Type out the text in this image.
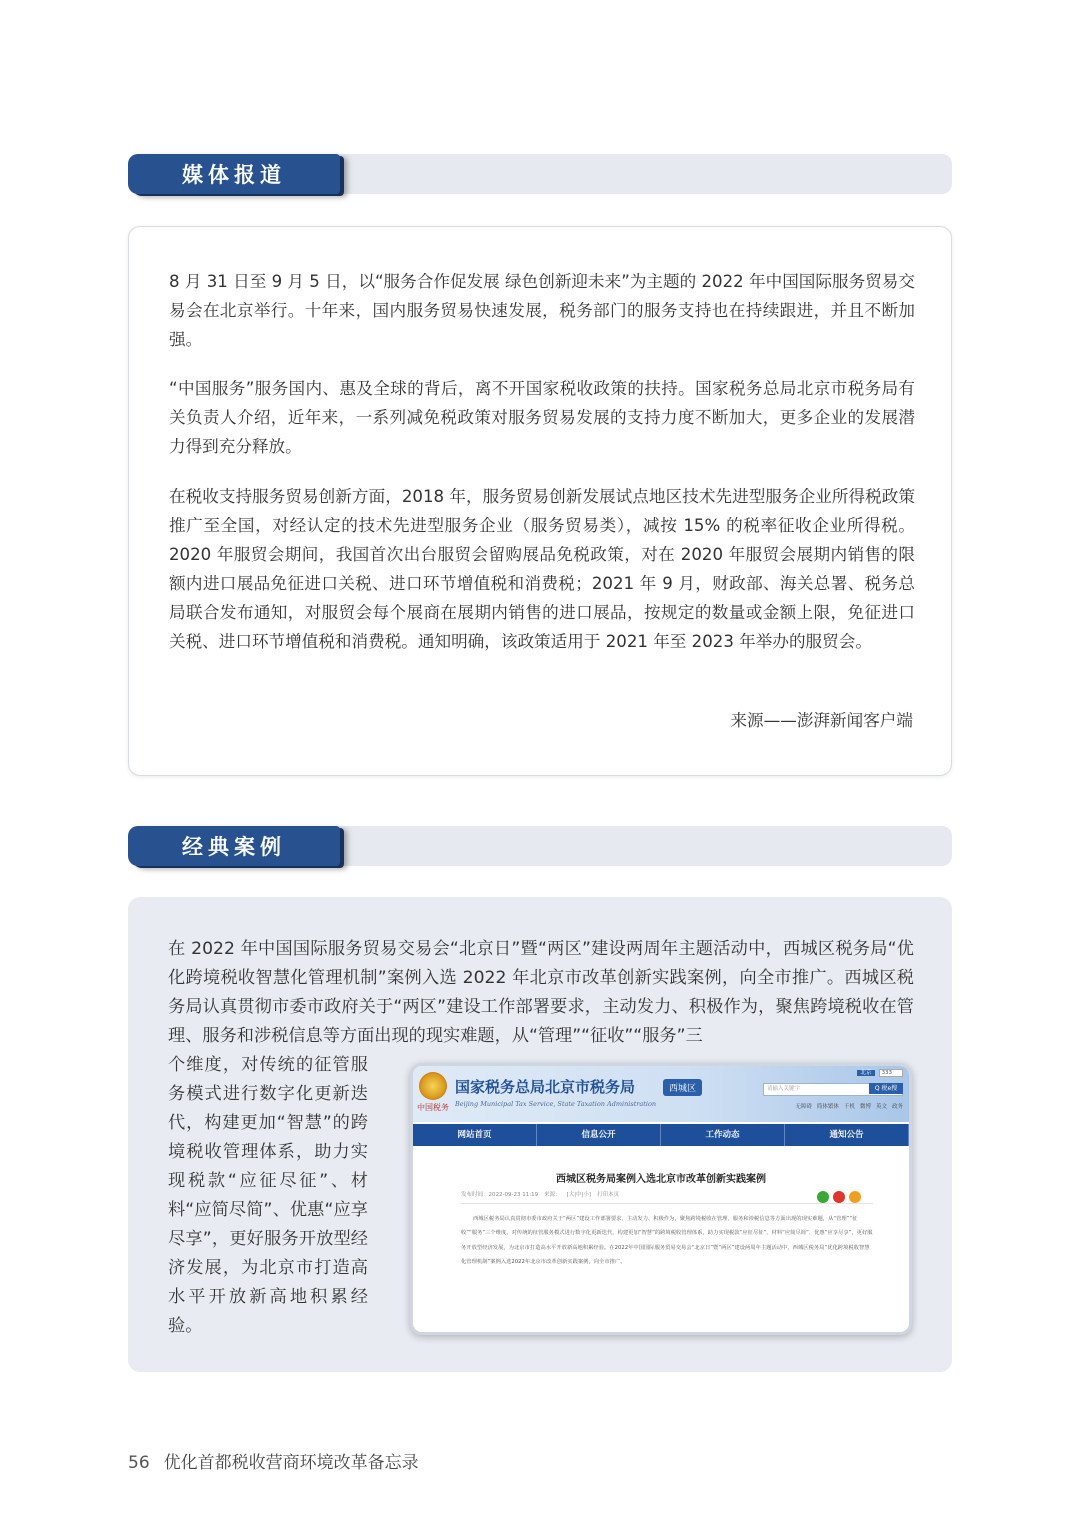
媒体报道

8 月 31 日至 9 月 5 日，以“服务合作促发展 绿色创新迎未来”为主题的 2022 年中国国际服务贸易交易会在北京举行。十年来，国内服务贸易快速发展，税务部门的服务支持也在持续跟进，并且不断加强。

“中国服务”服务国内、惠及全球的背后，离不开国家税收政策的扶持。国家税务总局北京市税务局有关负责人介绍，近年来，一系列减免税政策对服务贸易发展的支持力度不断加大，更多企业的发展潜力得到充分释放。

在税收支持服务贸易创新方面，2018 年，服务贸易创新发展试点地区技术先进型服务企业所得税政策推广至全国，对经认定的技术先进型服务企业（服务贸易类），减按 15% 的税率征收企业所得税。2020 年服贸会期间，我国首次出台服贸会留购展品免税政策，对在 2020 年服贸会展期内销售的限额内进口展品免征进口关税、进口环节增值税和消费税；2021 年 9 月，财政部、海关总署、税务总局联合发布通知，对服贸会每个展商在展期内销售的进口展品，按规定的数量或金额上限，免征进口关税、进口环节增值税和消费税。通知明确，该政策适用于 2021 年至 2023 年举办的服贸会。

来源——澎湃新闻客户端
经典案例

在 2022 年中国国际服务贸易交易会“北京日”暨“两区”建设两周年主题活动中，西城区税务局“优化跨境税收智慧化管理机制”案例入选 2022 年北京市改革创新实践案例，向全市推广。西城区税务局认真贯彻市委市政府关于“两区”建设工作部署要求，主动发力、积极作为，聚焦跨境税收在管理、服务和涉税信息等方面出现的现实难题，从“管理”“征收”“服务”三

个维度，对传统的征管服务模式进行数字化更新迭代，构建更加“智慧”的跨境税收管理体系，助力实现税款“应征尽征”、材料“应简尽简”、优惠“应享尽享”，更好服务开放型经济发展，为北京市打造高水平开放新高地积累经验。

中国税务
国家税务总局北京市税务局	西城区
Beijing Municipal Tax Service, State Taxation Administration
北京 333
请输入关键字
无障碍 简体繁体 千机 微博 英文 政务
Q 税e搜
网站首页	信息公开	工作动态	通知公告
西城区税务局案例入选北京市改革创新实践案例
发布时间：2022-09-23 11:19 来源： [大|中|小] 打印本页

西城区税务局认真贯彻市委市政府关于“两区”建设工作部署要求，主动发力、积极作为，聚焦跨境税收在管理、服务和涉税信息等方面出现的现实难题，从“管理”“征收”“服务”三个维度，对传统的征管服务模式进行数字化更新迭代，构建更加“智慧”的跨境税收管理体系，助力实现税款“应征尽征”、材料“应简尽简”、优惠“应享尽享”，更好服务开放型经济发展，为北京市打造高水平开放新高地积累经验。在2022年中国国际服务贸易交易会“北京日”暨“两区”建设两周年主题活动中，西城区税务局“优化跨境税收智慧化管理机制”案例入选2022年北京市改革创新实践案例，向全市推广。

56 优化首都税收营商环境改革备忘录
